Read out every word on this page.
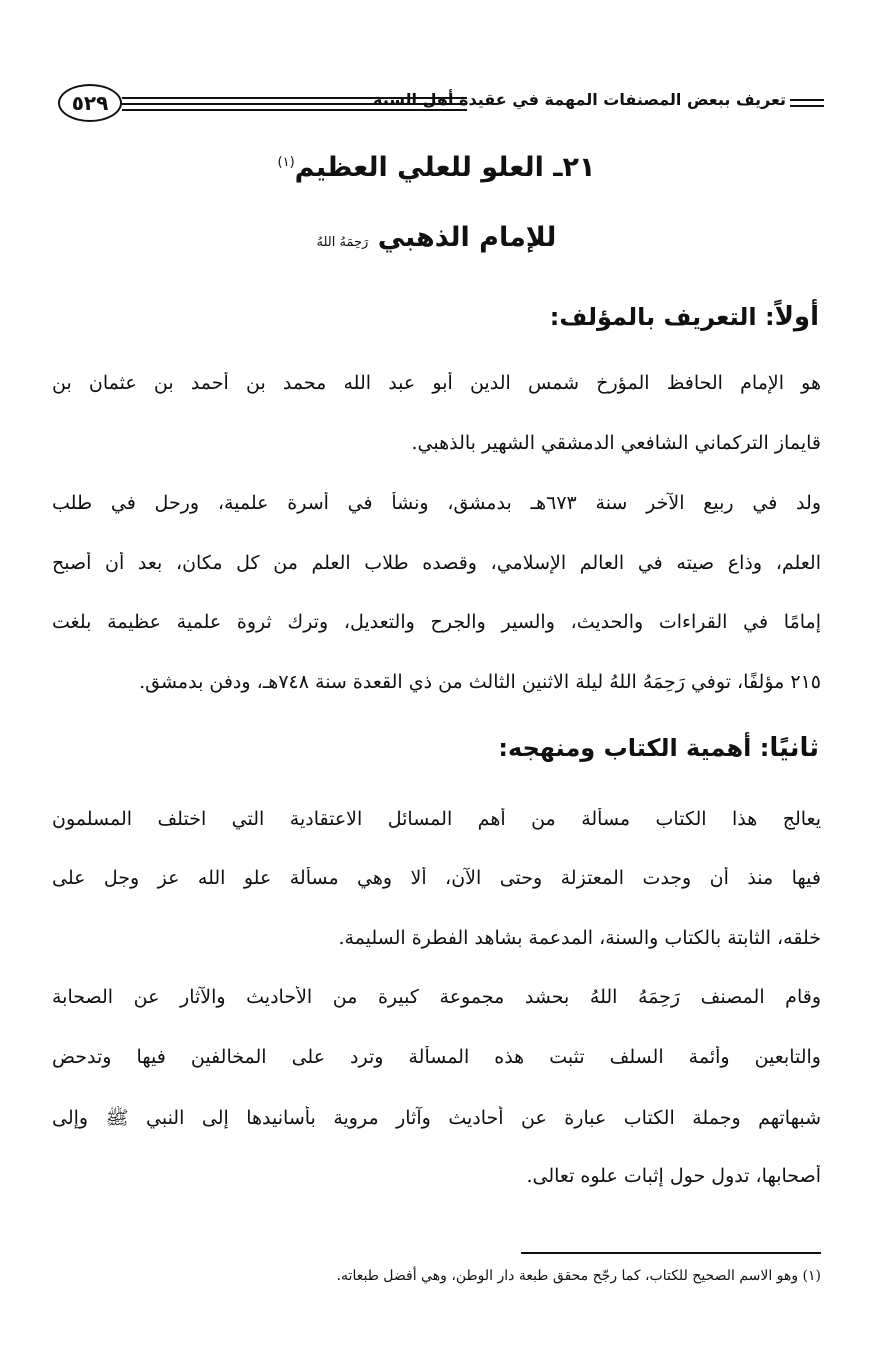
٥٢٩	تعريف ببعض المصنفات المهمة في عقيدة أهل السنة
٢١ـ العلو للعلي العظيم$^{(١)}$
للإمام الذهبي رَحِمَهُ اللهُ
أولاً: التعريف بالمؤلف:
هو الإمام الحافظ المؤرخ شمس الدين أبو عبد الله محمد بن أحمد بن عثمان بن
قايماز التركماني الشافعي الدمشقي الشهير بالذهبي.
ولد في ربيع الآخر سنة ٦٧٣هـ بدمشق، ونشأ في أسرة علمية، ورحل في طلب
العلم، وذاع صيته في العالم الإسلامي، وقصده طلاب العلم من كل مكان، بعد أن أصبح
إمامًا في القراءات والحديث، والسير والجرح والتعديل، وترك ثروة علمية عظيمة بلغت
٢١٥ مؤلفًا، توفي رَحِمَهُ اللهُ ليلة الاثنين الثالث من ذي القعدة سنة ٧٤٨هـ، ودفن بدمشق.
ثانيًا: أهمية الكتاب ومنهجه:
يعالج هذا الكتاب مسألة من أهم المسائل الاعتقادية التي اختلف المسلمون
فيها منذ أن وجدت المعتزلة وحتى الآن، ألا وهي مسألة علو الله عز وجل على
خلقه، الثابتة بالكتاب والسنة، المدعمة بشاهد الفطرة السليمة.
وقام المصنف رَحِمَهُ اللهُ بحشد مجموعة كبيرة من الأحاديث والآثار عن الصحابة
والتابعين وأئمة السلف تثبت هذه المسألة وترد على المخالفين فيها وتدحض
شبهاتهم وجملة الكتاب عبارة عن أحاديث وآثار مروية بأسانيدها إلى النبي ﷺ وإلى
أصحابها، تدول حول إثبات علوه تعالى.
(١) وهو الاسم الصحيح للكتاب، كما رجّح محقق طبعة دار الوطن، وهي أفضل طبعاته.
